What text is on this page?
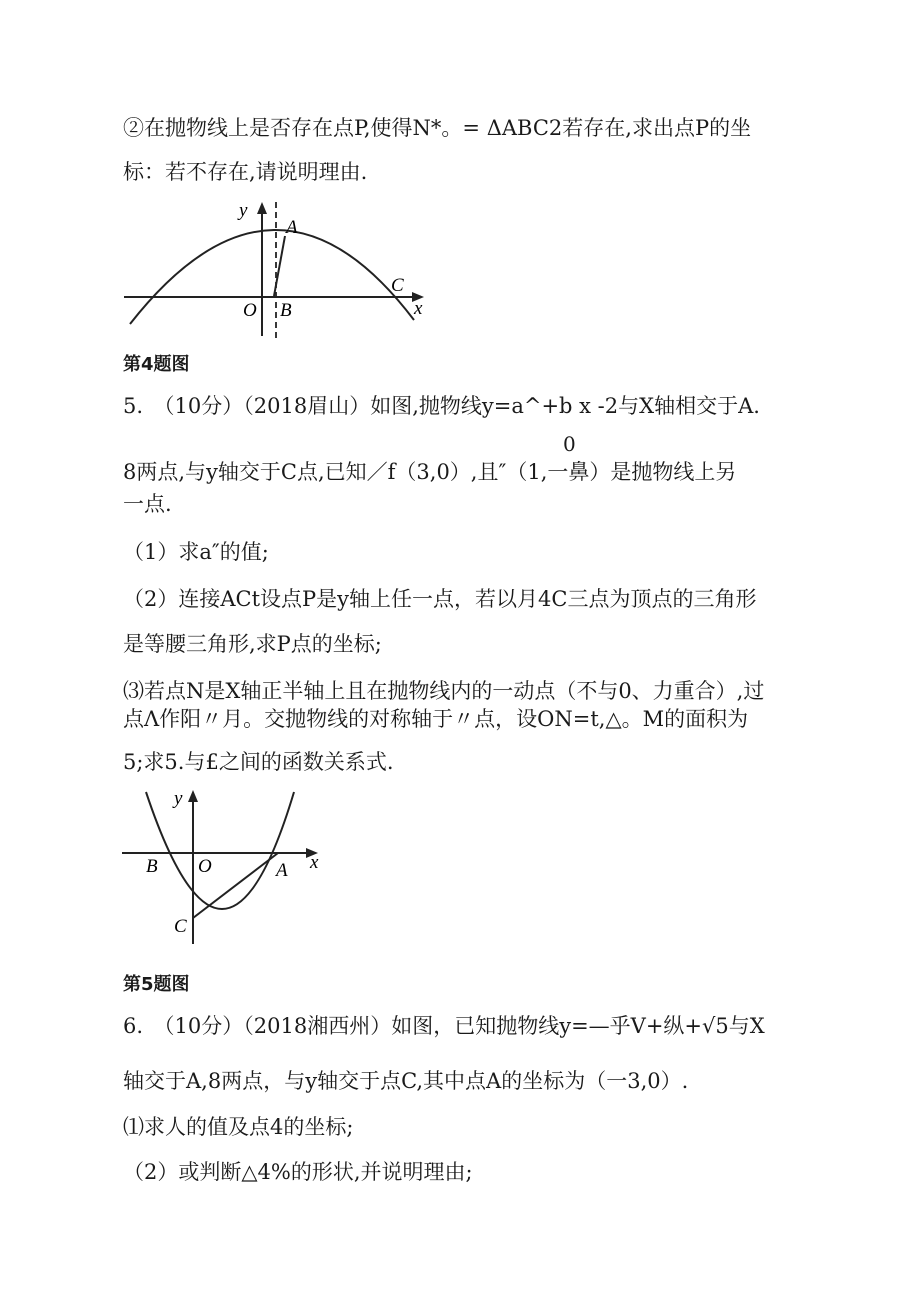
②在抛物线上是否存在点P,使得N*。= ΔABC2若存在,求出点P的坐
标：若不存在,请说明理由.
y
A
C
x
O B
第4题图
5.　（10分）（2018眉山）如图,抛物线y=a^+b x -2与X轴相交于A.
0
8两点,与y轴交于C点,已知／f（3,0）,且″（1,一鼻）是抛物线上另
一点.
（1）求a″的值;
（2）连接ACt设点P是y轴上任一点，若以月4C三点为顶点的三角形
是等腰三角形,求P点的坐标;
⑶若点N是X轴正半轴上且在抛物线内的一动点（不与0、力重合）,过
点Λ作阳〃月。交抛物线的对称轴于〃点，设ON=t,△。M的面积为
5;求5.与£之间的函数关系式.
y
x
B O	A
C
第5题图
6.　（10分）（2018湘西州）如图，已知抛物线y=—乎V+纵+√5与X
轴交于A,8两点，与y轴交于点C,其中点A的坐标为（一3,0）.
⑴求人的值及点4的坐标;
（2）或判断△4%的形状,并说明理由;
